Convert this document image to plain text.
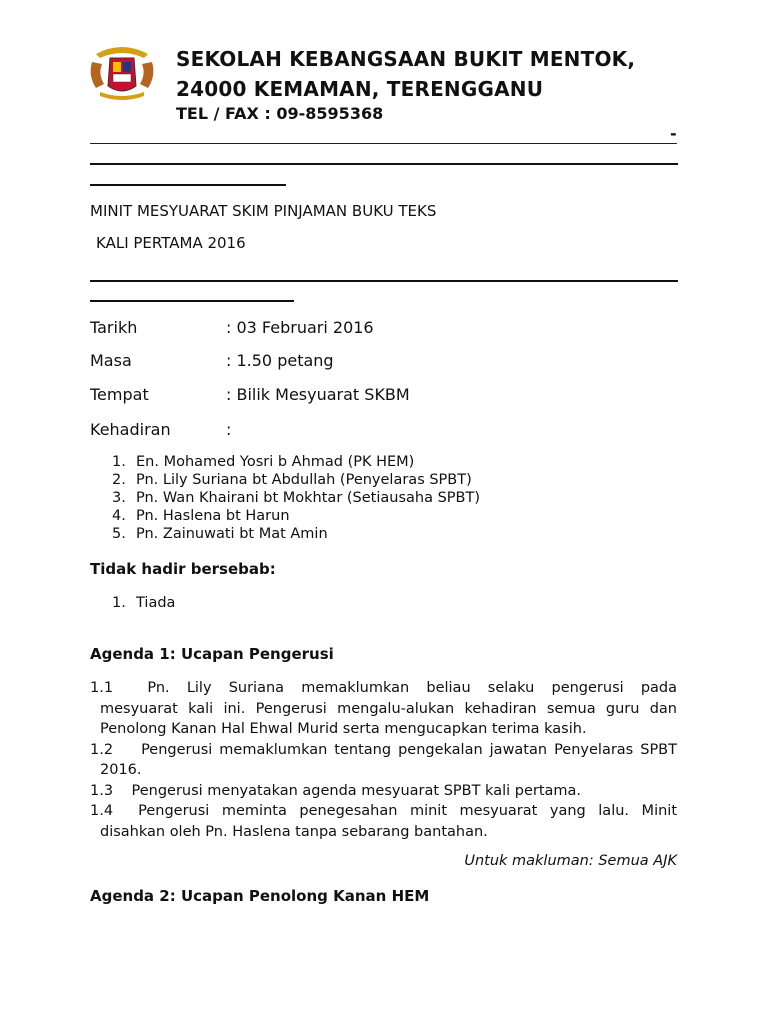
SEKOLAH KEBANGSAAN BUKIT MENTOK,
24000 KEMAMAN, TERENGGANU
TEL / FAX : 09-8595368
-
MINIT MESYUARAT SKIM PINJAMAN BUKU TEKS
KALI PERTAMA 2016
Tarikh	: 03 Februari 2016
Masa	: 1.50 petang
Tempat	: Bilik Mesyuarat SKBM
Kehadiran	:
1. En. Mohamed Yosri b Ahmad (PK HEM)
2. Pn. Lily Suriana bt Abdullah (Penyelaras SPBT)
3. Pn. Wan Khairani bt Mokhtar (Setiausaha SPBT)
4. Pn. Haslena bt Harun
5. Pn. Zainuwati bt Mat Amin
Tidak hadir bersebab:
1. Tiada
Agenda 1: Ucapan Pengerusi
1.1    Pn.  Lily  Suriana  memaklumkan  beliau  selaku  pengerusi  pada
mesyuarat kali ini. Pengerusi mengalu-alukan kehadiran semua guru dan Penolong Kanan Hal Ehwal Murid serta mengucapkan terima kasih.
1.2    Pengerusi memaklumkan tentang pengekalan jawatan Penyelaras SPBT
2016.
1.3    Pengerusi menyatakan agenda mesyuarat SPBT kali pertama.
1.4    Pengerusi  meminta  penegesahan  minit  mesyuarat  yang  lalu.  Minit
disahkan oleh Pn. Haslena tanpa sebarang bantahan.
Untuk makluman: Semua AJK
Agenda 2: Ucapan Penolong Kanan HEM
